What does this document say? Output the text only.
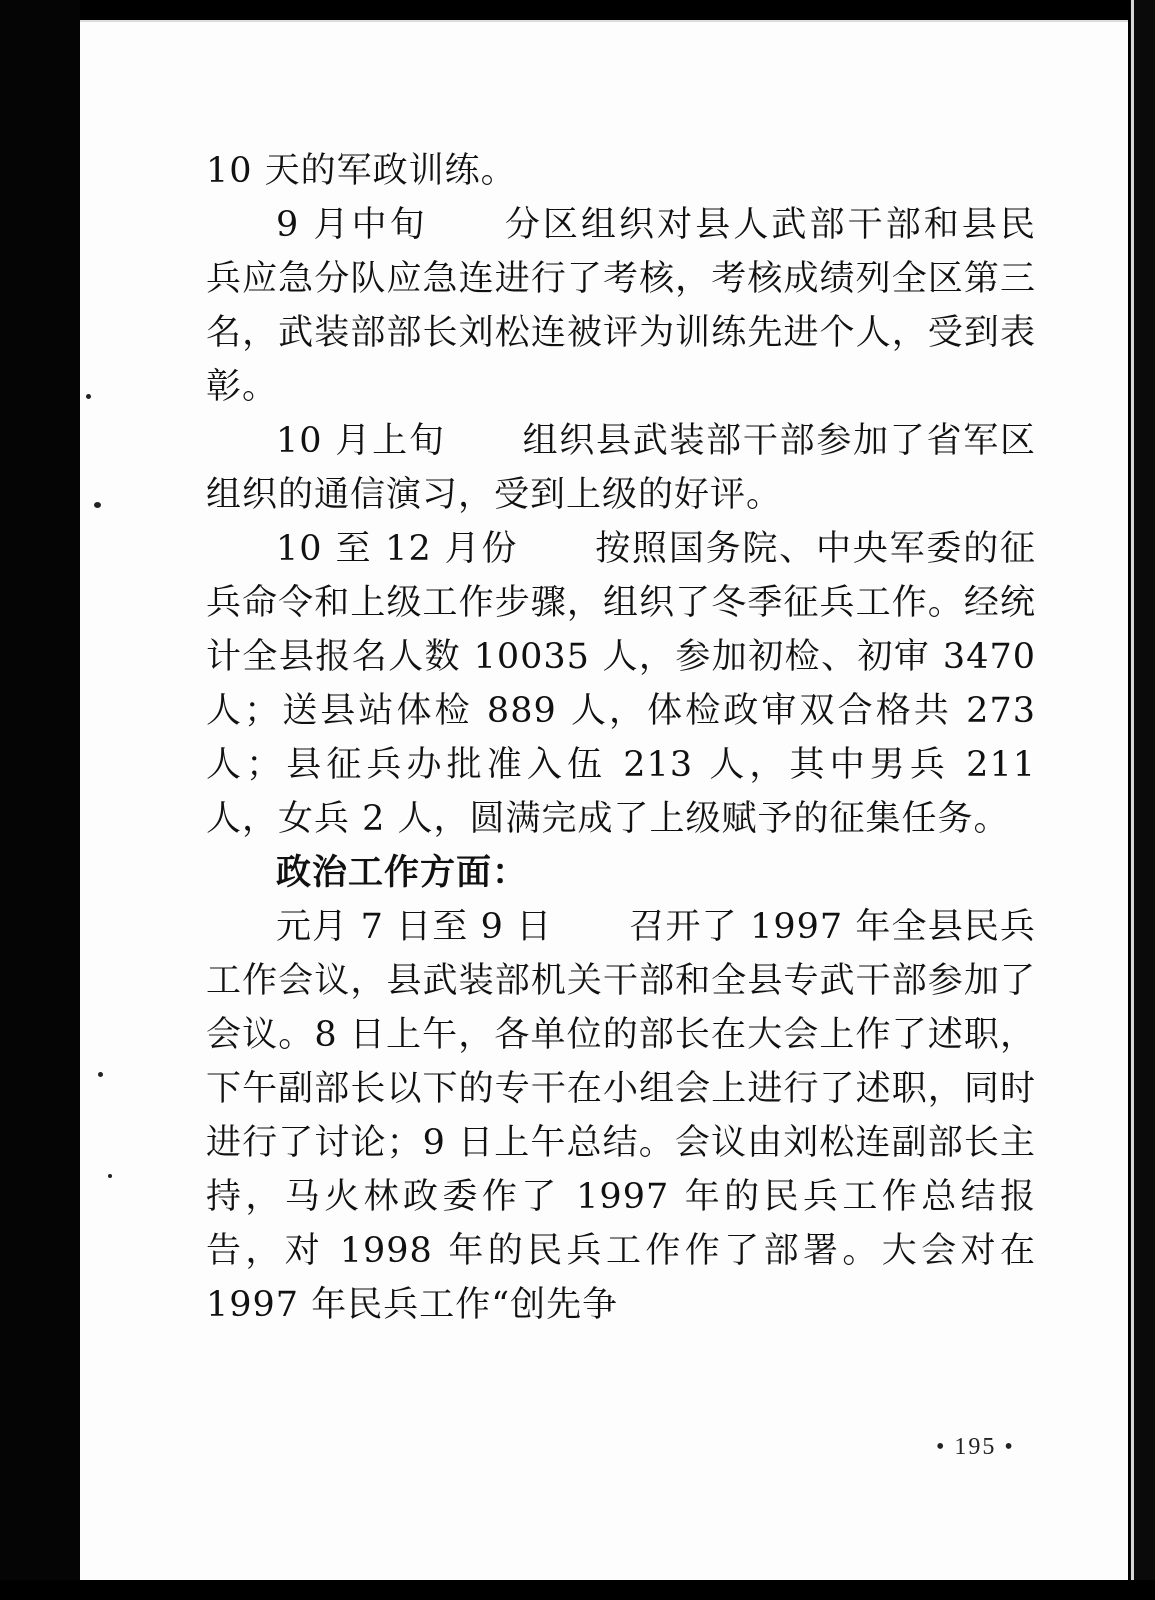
10 天的军政训练。

9 月中旬 分区组织对县人武部干部和县民兵应急分队应急连进行了考核，考核成绩列全区第三名，武装部部长刘松连被评为训练先进个人，受到表彰。

10 月上旬 组织县武装部干部参加了省军区组织的通信演习，受到上级的好评。

10 至 12 月份 按照国务院、中央军委的征兵命令和上级工作步骤，组织了冬季征兵工作。经统计全县报名人数 10035 人，参加初检、初审 3470 人；送县站体检 889 人，体检政审双合格共 273 人；县征兵办批准入伍 213 人，其中男兵 211 人，女兵 2 人，圆满完成了上级赋予的征集任务。

政治工作方面：

元月 7 日至 9 日 召开了 1997 年全县民兵工作会议，县武装部机关干部和全县专武干部参加了会议。8 日上午，各单位的部长在大会上作了述职，下午副部长以下的专干在小组会上进行了述职，同时进行了讨论；9 日上午总结。会议由刘松连副部长主持，马火林政委作了 1997 年的民兵工作总结报告，对 1998 年的民兵工作作了部署。大会对在 1997 年民兵工作“创先争

• 195 •
